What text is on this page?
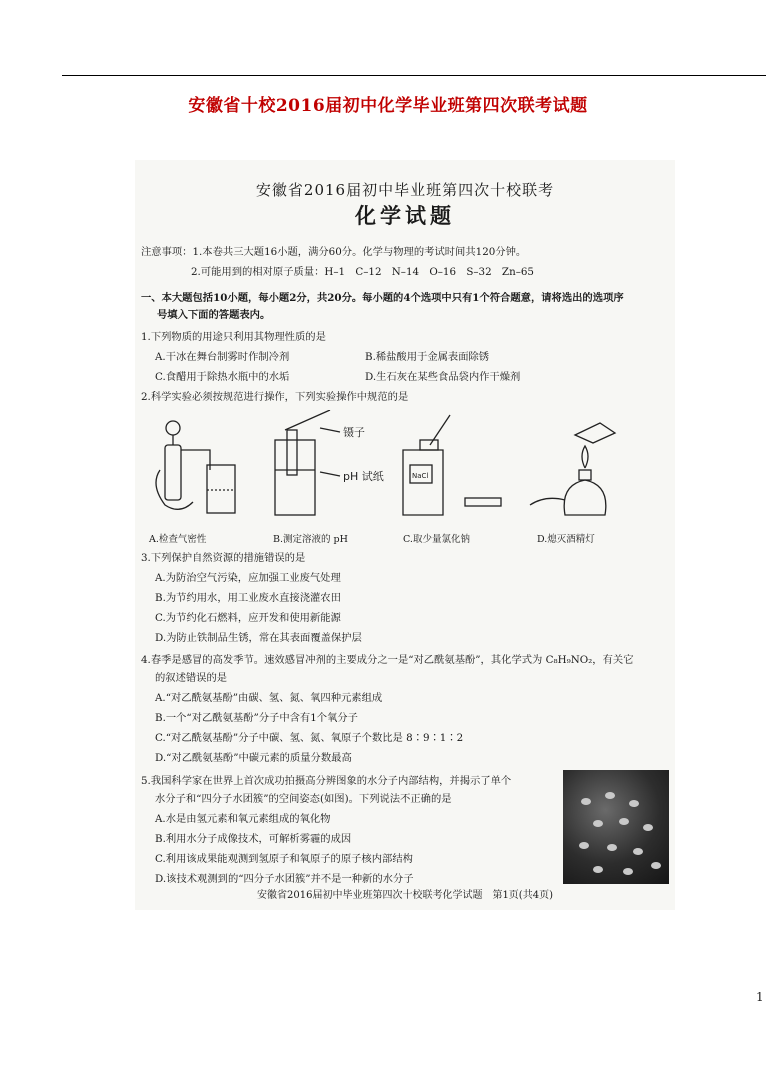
安徽省十校2016届初中化学毕业班第四次联考试题
安徽省2016届初中毕业班第四次十校联考
化学试题
注意事项：1.本卷共三大题16小题，满分60分。化学与物理的考试时间共120分钟。
2.可能用到的相对原子质量：H–1　C–12　N–14　O–16　S–32　Zn–65
一、本大题包括10小题，每小题2分，共20分。每小题的4个选项中只有1个符合题意，请将选出的选项序
号填入下面的答题表内。
1.下列物质的用途只利用其物理性质的是
A.干冰在舞台制雾时作制冷剂	B.稀盐酸用于金属表面除锈
C.食醋用于除热水瓶中的水垢	D.生石灰在某些食品袋内作干燥剂
2.科学实验必须按规范进行操作，下列实验操作中规范的是
镊子
pH 试纸	NaCl
A.检查气密性	B.测定溶液的 pH	C.取少量氯化钠	D.熄灭酒精灯
3.下列保护自然资源的措施错误的是
A.为防治空气污染，应加强工业废气处理
B.为节约用水，用工业废水直接浇灌农田
C.为节约化石燃料，应开发和使用新能源
D.为防止铁制品生锈，常在其表面覆盖保护层
4.春季是感冒的高发季节。速效感冒冲剂的主要成分之一是“对乙酰氨基酚”，其化学式为 C₈H₉NO₂，有关它
的叙述错误的是
A.“对乙酰氨基酚”由碳、氢、氮、氧四种元素组成
B.一个“对乙酰氨基酚”分子中含有1个氧分子
C.“对乙酰氨基酚”分子中碳、氢、氮、氧原子个数比是 8∶9∶1∶2
D.“对乙酰氨基酚”中碳元素的质量分数最高
5.我国科学家在世界上首次成功拍摄高分辨图象的水分子内部结构，并揭示了单个
水分子和“四分子水团簇”的空间姿态(如图)。下列说法不正确的是
A.水是由氢元素和氧元素组成的氧化物
B.利用水分子成像技术，可解析雾霾的成因
C.利用该成果能观测到氢原子和氧原子的原子核内部结构
D.该技术观测到的“四分子水团簇”并不是一种新的水分子
安徽省2016届初中毕业班第四次十校联考化学试题　第1页(共4页)
1
